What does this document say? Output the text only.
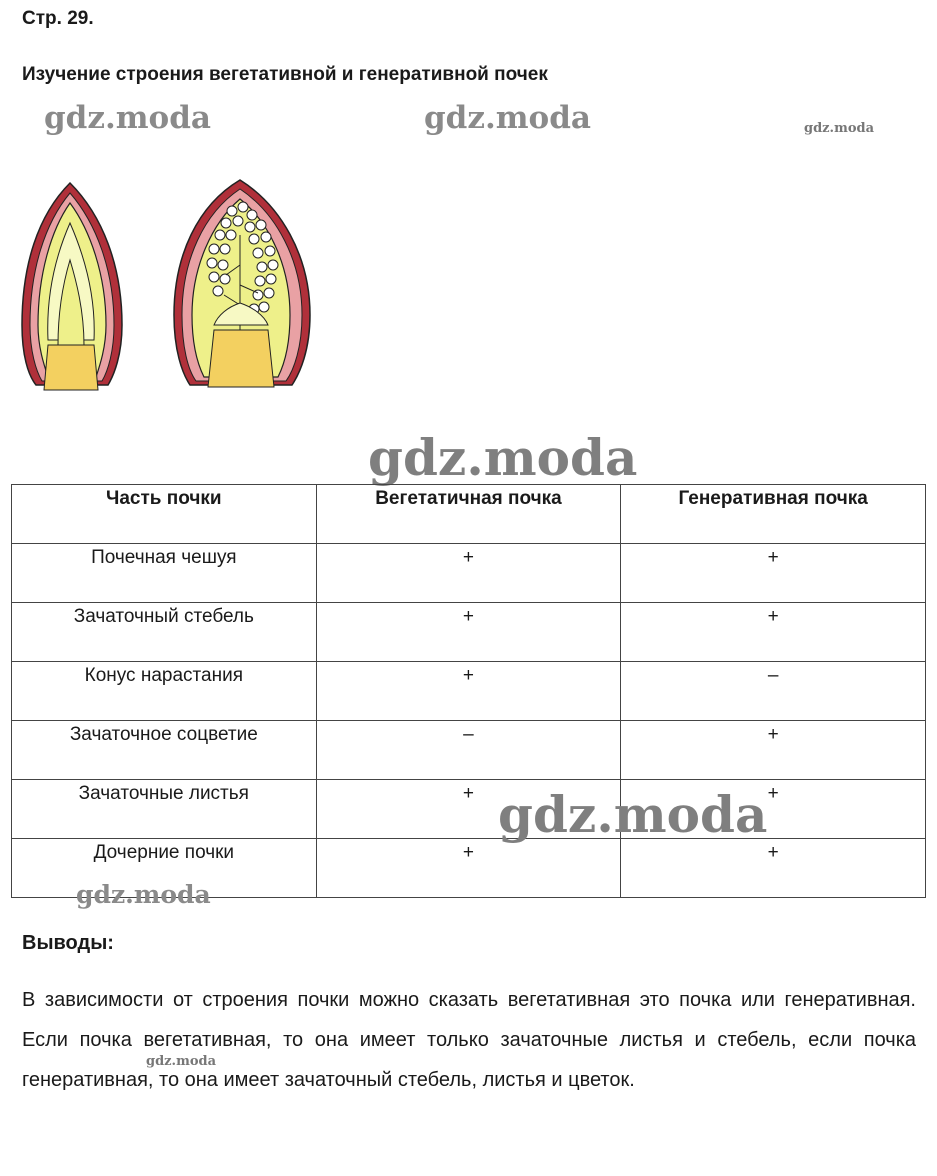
Стр. 29.
Изучение строения вегетативной и генеративной почек
gdz.moda	gdz.moda	gdz.moda
gdz.moda
Часть почки	Вегетатичная почка	Генеративная почка
Почечная чешуя	+	+
Зачаточный стебель	+	+
Конус нарастания	+	–
Зачаточное соцветие	–	+
Зачаточные листья	+	+
Дочерние почки	+	+
gdz.moda
gdz.moda
Выводы:
В зависимости от строения почки можно сказать вегетативная это почка или генеративная. Если почка вегетативная, то она имеет только зачаточные листья и стебель, если почка генеративная, то она имеет зачаточный стебель, листья и цветок.
gdz.moda
